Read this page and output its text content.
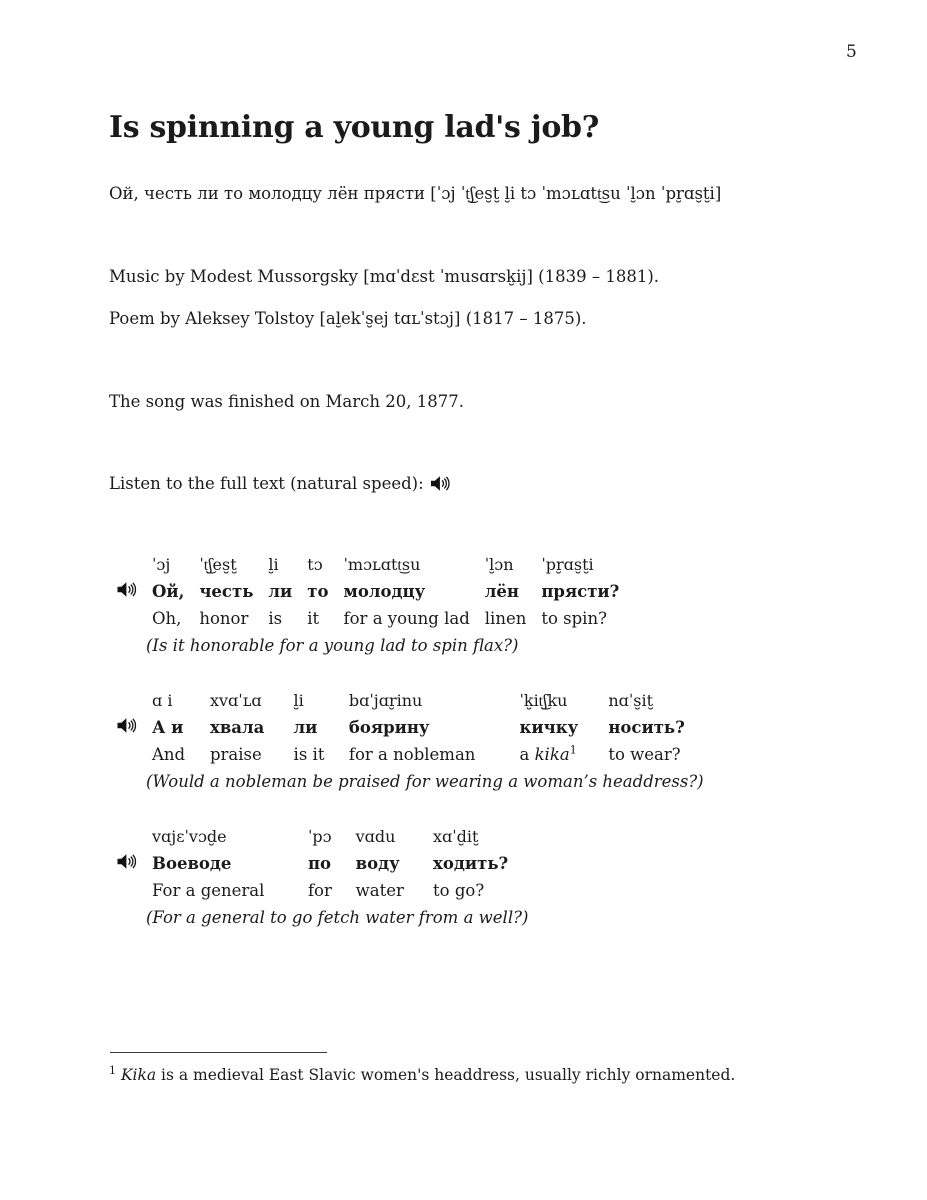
5
Is spinning a young lad's job?

Ой, честь ли то молодцу лён прясти [ˈɔj ˈt͜ʃes̮t̮ l̮i tɔ ˈmɔʟɑtt͜su ˈl̮ɔn ˈpr̮ɑs̮t̮i]

Music by Modest Mussorgsky [mɑˈdɛst ˈmusɑrsk̮ij] (1839 – 1881).

Poem by Aleksey Tolstoy [al̮ekˈs̮ej tɑʟˈstɔj] (1817 – 1875).

The song was finished on March 20, 1877.

Listen to the full text (natural speed):

	ˈɔj	ˈt͜ʃes̮t̮	l̮i	tɔ	ˈmɔʟɑtt͜su	ˈl̮ɔn	ˈpr̮ɑs̮t̮i
	Ой,	честь	ли	то	молодцу	лён	прясти?
	Oh,	honor	is	it	for a young lad	linen	to spin?
(Is it honorable for a young lad to spin flax?)							
	ɑ i	xvɑˈʟɑ	l̮i	bɑˈjɑr̮inu	ˈk̮it͜ʃku	nɑˈs̮it̮
	А и	хвала	ли	боярину	кичку	носить?
	And	praise	is it	for a nobleman	a kika$^1$	to wear?
(Would a nobleman be praised for wearing a woman’s headdress?)						
	vɑjɛˈvɔd̮e	ˈpɔ	vɑdu	xɑˈd̮it̮
	Воеводе	по	воду	ходить?
	For a general	for	water	to go?
(For a general to go fetch water from a well?)				

$^1$ Kika is a medieval East Slavic women's headdress, usually richly ornamented.
